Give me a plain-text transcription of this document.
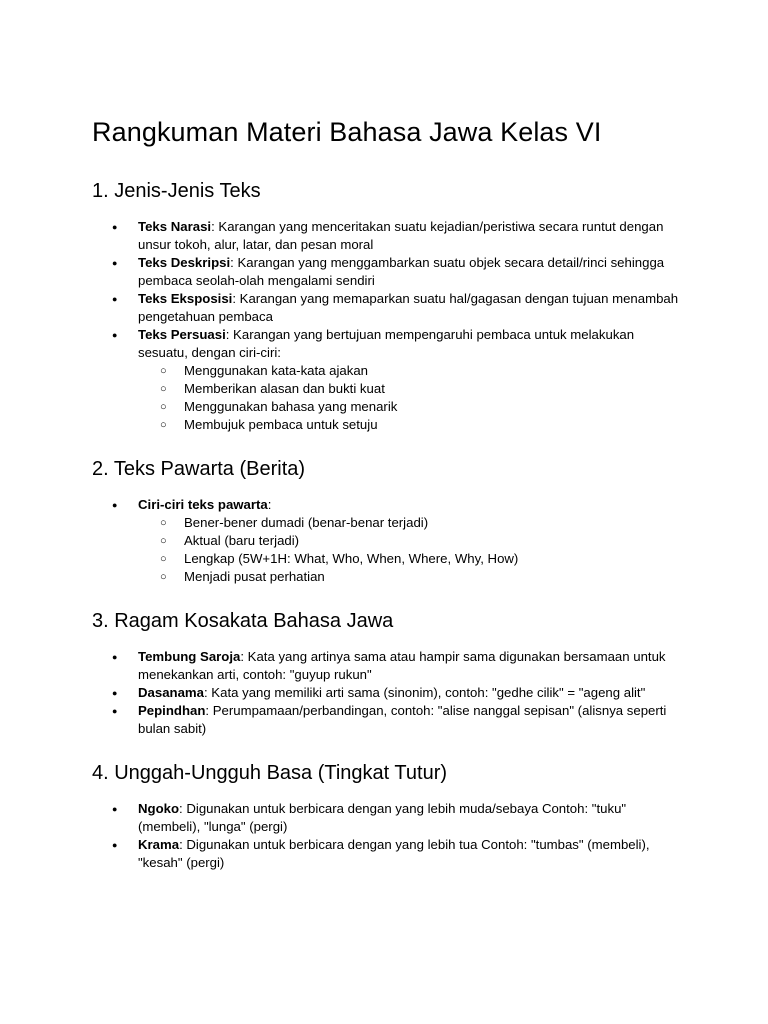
Rangkuman Materi Bahasa Jawa Kelas VI
1. Jenis-Jenis Teks
● Teks Narasi: Karangan yang menceritakan suatu kejadian/peristiwa secara runtut dengan unsur tokoh, alur, latar, dan pesan moral
● Teks Deskripsi: Karangan yang menggambarkan suatu objek secara detail/rinci sehingga pembaca seolah-olah mengalami sendiri
● Teks Eksposisi: Karangan yang memaparkan suatu hal/gagasan dengan tujuan menambah pengetahuan pembaca
● Teks Persuasi: Karangan yang bertujuan mempengaruhi pembaca untuk melakukan sesuatu, dengan ciri-ciri:
○ Menggunakan kata-kata ajakan
○ Memberikan alasan dan bukti kuat
○ Menggunakan bahasa yang menarik
○ Membujuk pembaca untuk setuju
2. Teks Pawarta (Berita)
● Ciri-ciri teks pawarta:
○ Bener-bener dumadi (benar-benar terjadi)
○ Aktual (baru terjadi)
○ Lengkap (5W+1H: What, Who, When, Where, Why, How)
○ Menjadi pusat perhatian
3. Ragam Kosakata Bahasa Jawa
● Tembung Saroja: Kata yang artinya sama atau hampir sama digunakan bersamaan untuk menekankan arti, contoh: "guyup rukun"
● Dasanama: Kata yang memiliki arti sama (sinonim), contoh: "gedhe cilik" = "ageng alit"
● Pepindhan: Perumpamaan/perbandingan, contoh: "alise nanggal sepisan" (alisnya seperti bulan sabit)
4. Unggah-Ungguh Basa (Tingkat Tutur)
● Ngoko: Digunakan untuk berbicara dengan yang lebih muda/sebaya Contoh: "tuku" (membeli), "lunga" (pergi)
● Krama: Digunakan untuk berbicara dengan yang lebih tua Contoh: "tumbas" (membeli), "kesah" (pergi)
